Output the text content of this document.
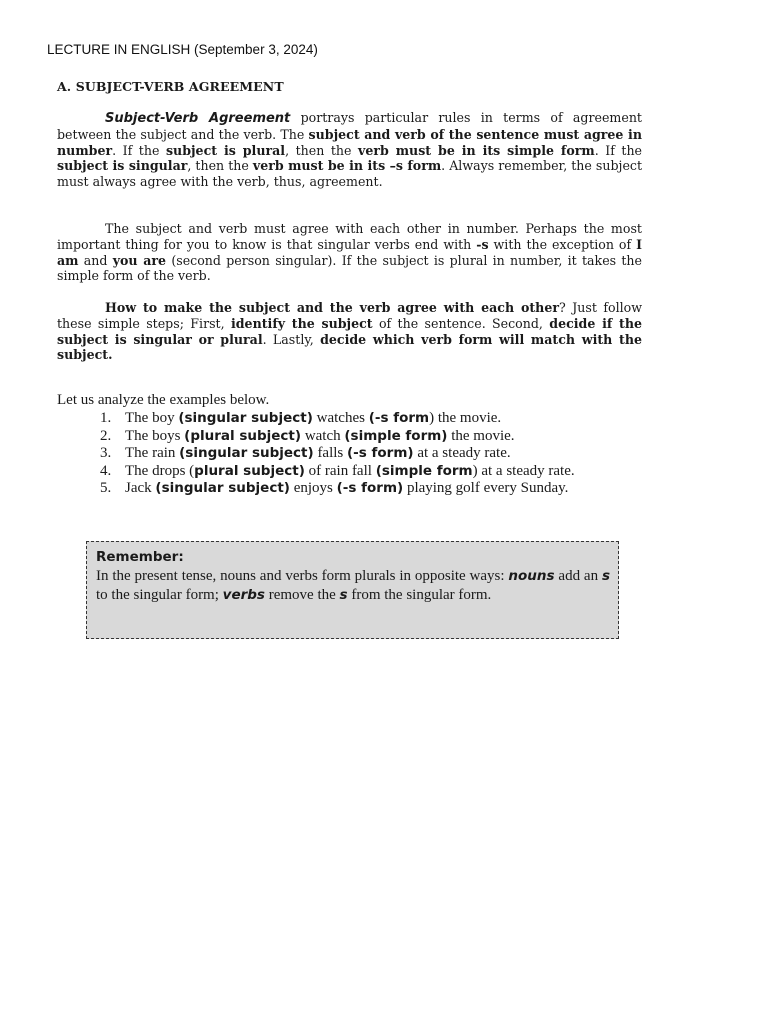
LECTURE IN ENGLISH (September 3, 2024)
A. SUBJECT-VERB AGREEMENT

Subject-Verb Agreement portrays particular rules in terms of agreement between the subject and the verb. The subject and verb of the sentence must agree in number. If the subject is plural, then the verb must be in its simple form. If the subject is singular, then the verb must be in its –s form. Always remember, the subject must always agree with the verb, thus, agreement.

The subject and verb must agree with each other in number. Perhaps the most important thing for you to know is that singular verbs end with -s with the exception of I am and you are (second person singular). If the subject is plural in number, it takes the simple form of the verb.

How to make the subject and the verb agree with each other? Just follow these simple steps; First, identify the subject of the sentence. Second, decide if the subject is singular or plural. Lastly, decide which verb form will match with the subject.

Let us analyze the examples below.
1. The boy (singular subject) watches (-s form) the movie.
2. The boys (plural subject) watch (simple form) the movie.
3. The rain (singular subject) falls (-s form) at a steady rate.
4. The drops (plural subject) of rain fall (simple form) at a steady rate.
5. Jack (singular subject) enjoys (-s form) playing golf every Sunday.
Remember:
In the present tense, nouns and verbs form plurals in opposite ways: nouns add an s to the singular form; verbs remove the s from the singular form.
